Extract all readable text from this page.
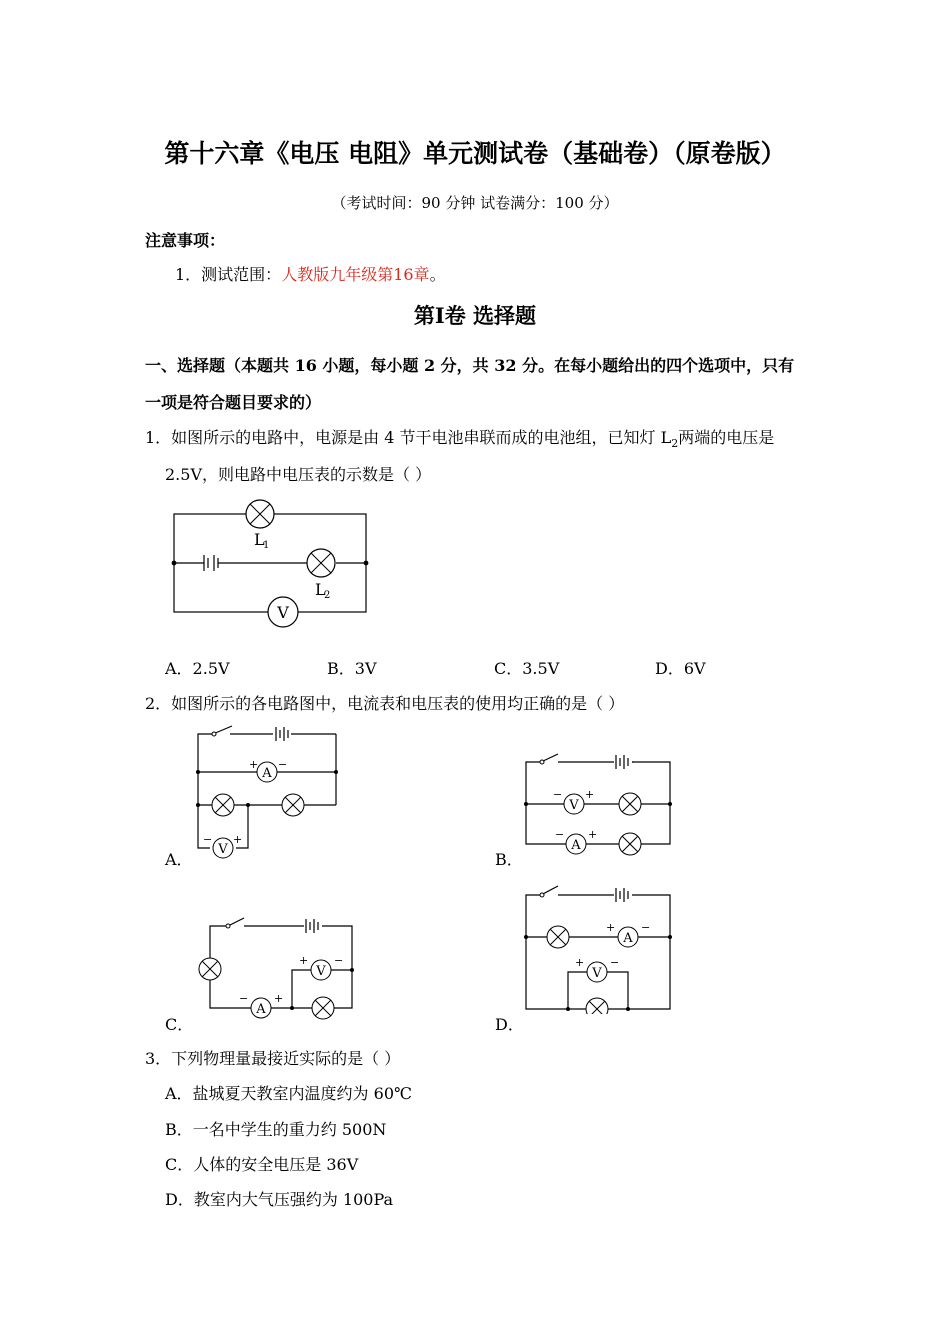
第十六章《电压 电阻》单元测试卷（基础卷）（原卷版）
（考试时间：90 分钟 试卷满分：100 分）
注意事项：
1．测试范围：人教版九年级第16章。
第Ⅰ卷 选择题
一、选择题（本题共 16 小题，每小题 2 分，共 32 分。在每小题给出的四个选项中，只有
一项是符合题目要求的）
1．如图所示的电路中，电源是由 4 节干电池串联而成的电池组，已知灯 $L_2$两端的电压是
2.5V，则电路中电压表的示数是（ ）
V
L
1
L
2
A．2.5V	B．3V	C．3.5V	D．6V
2．如图所示的各电路图中，电流表和电压表的使用均正确的是（ ）
A
+ −
V
− +
A．
V
− +
A
− +
B．
V
+ −
A
− +
C．
A
+ −
V
+ −
D．
3．下列物理量最接近实际的是（ ）
A．盐城夏天教室内温度约为 60℃
B．一名中学生的重力约 500N
C．人体的安全电压是 36V
D．教室内大气压强约为 100Pa
